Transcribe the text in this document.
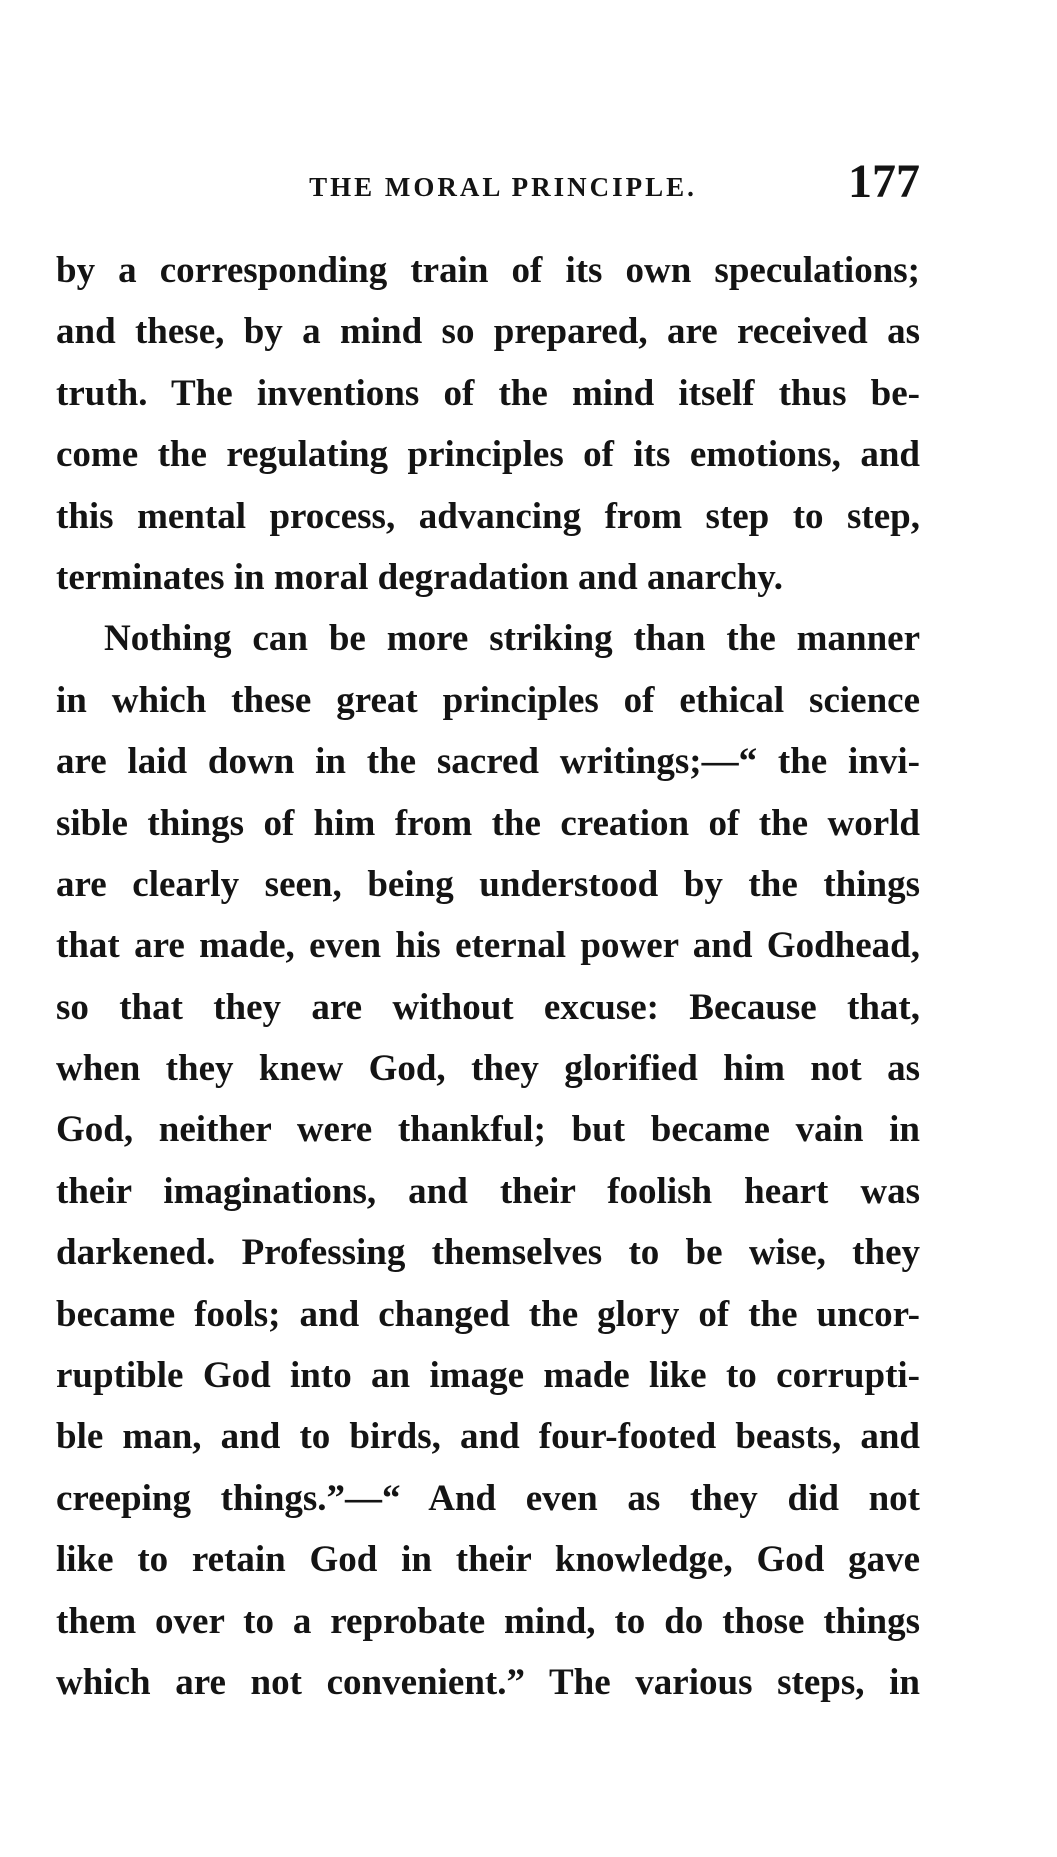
THE MORAL PRINCIPLE.	177
by a corresponding train of its own speculations;
and these, by a mind so prepared, are received as
truth. The inventions of the mind itself thus be-
come the regulating principles of its emotions, and
this mental process, advancing from step to step,
terminates in moral degradation and anarchy.
Nothing can be more striking than the manner
in which these great principles of ethical science
are laid down in the sacred writings;—“ the invi-
sible things of him from the creation of the world
are clearly seen, being understood by the things
that are made, even his eternal power and Godhead,
so that they are without excuse: Because that,
when they knew God, they glorified him not as
God, neither were thankful; but became vain in
their imaginations, and their foolish heart was
darkened. Professing themselves to be wise, they
became fools; and changed the glory of the uncor-
ruptible God into an image made like to corrupti-
ble man, and to birds, and four-footed beasts, and
creeping things.”—“ And even as they did not
like to retain God in their knowledge, God gave
them over to a reprobate mind, to do those things
which are not convenient.” The various steps, in
